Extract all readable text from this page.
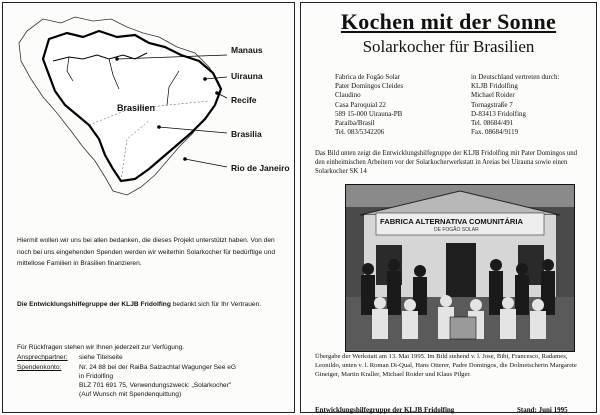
Brasilien
Manaus
Uirauna
Recife
Brasilia
Rio de Janeiro
Hiermit wollen wir uns bei allen bedanken, die dieses Projekt unterstützt haben. Von den noch bei uns eingehenden Spenden werden wir weiterhin Solarkocher für bedürftige und mittellose Familien in Brasilien finanzieren.
Die Entwicklungshilfegruppe der KLJB Fridolfing bedankt sich für Ihr Vertrauen.
Für Rückfragen stehen wir Ihnen jederzeit zur Verfügung.
Ansprechpartner: siehe Titelseite
Spendenkonto:	Nr. 24 88 bei der RaiBa Salzachtal Wagunger See eG
in Fridolfing
BLZ 701 691 75, Verwendungszweck: „Solarkocher"
(Auf Wunsch mit Spendenquittung)
Kochen mit der Sonne
Solarkocher für Brasilien
Fabrica de Fogão Solar
Pater Domingos Cleides
Claudino
Casa Paroquial 22
589 15-000 Uirauna-PB
Paraiba/Brasil
Tel. 083/5342206
in Deutschland vertreten durch:
KLJB Fridolfing
Michael Roider
Tornagstraße 7
D-83413 Fridolfing
Tel. 08684/491
Fax. 08684/9119
Das Bild unten zeigt die Entwicklungshilfegruppe der KLJB Fridolfing mit Pater Domingos und den einheimischen Arbeitern vor der Solarkocherwerkstatt in Areias bei Uirauna sowie einen Solarkocher SK 14
FABRICA ALTERNATIVA COMUNITÁRIA
DE FOGÃO SOLAR
Übergabe der Werkstatt am 13. Mai 1995. Im Bild stehend v. l. Jose, Bibi, Francesco, Radames, Leonildo, unten v. l. Roman Di-Qual, Hans Otterer, Padre Domingos, die Dolmetscherin Margarete Gineiger, Martin Kraller, Michael Roider und Klaus Pilger.
Entwicklungshilfegruppe der KLJB Fridolfing	Stand: Juni 1995
